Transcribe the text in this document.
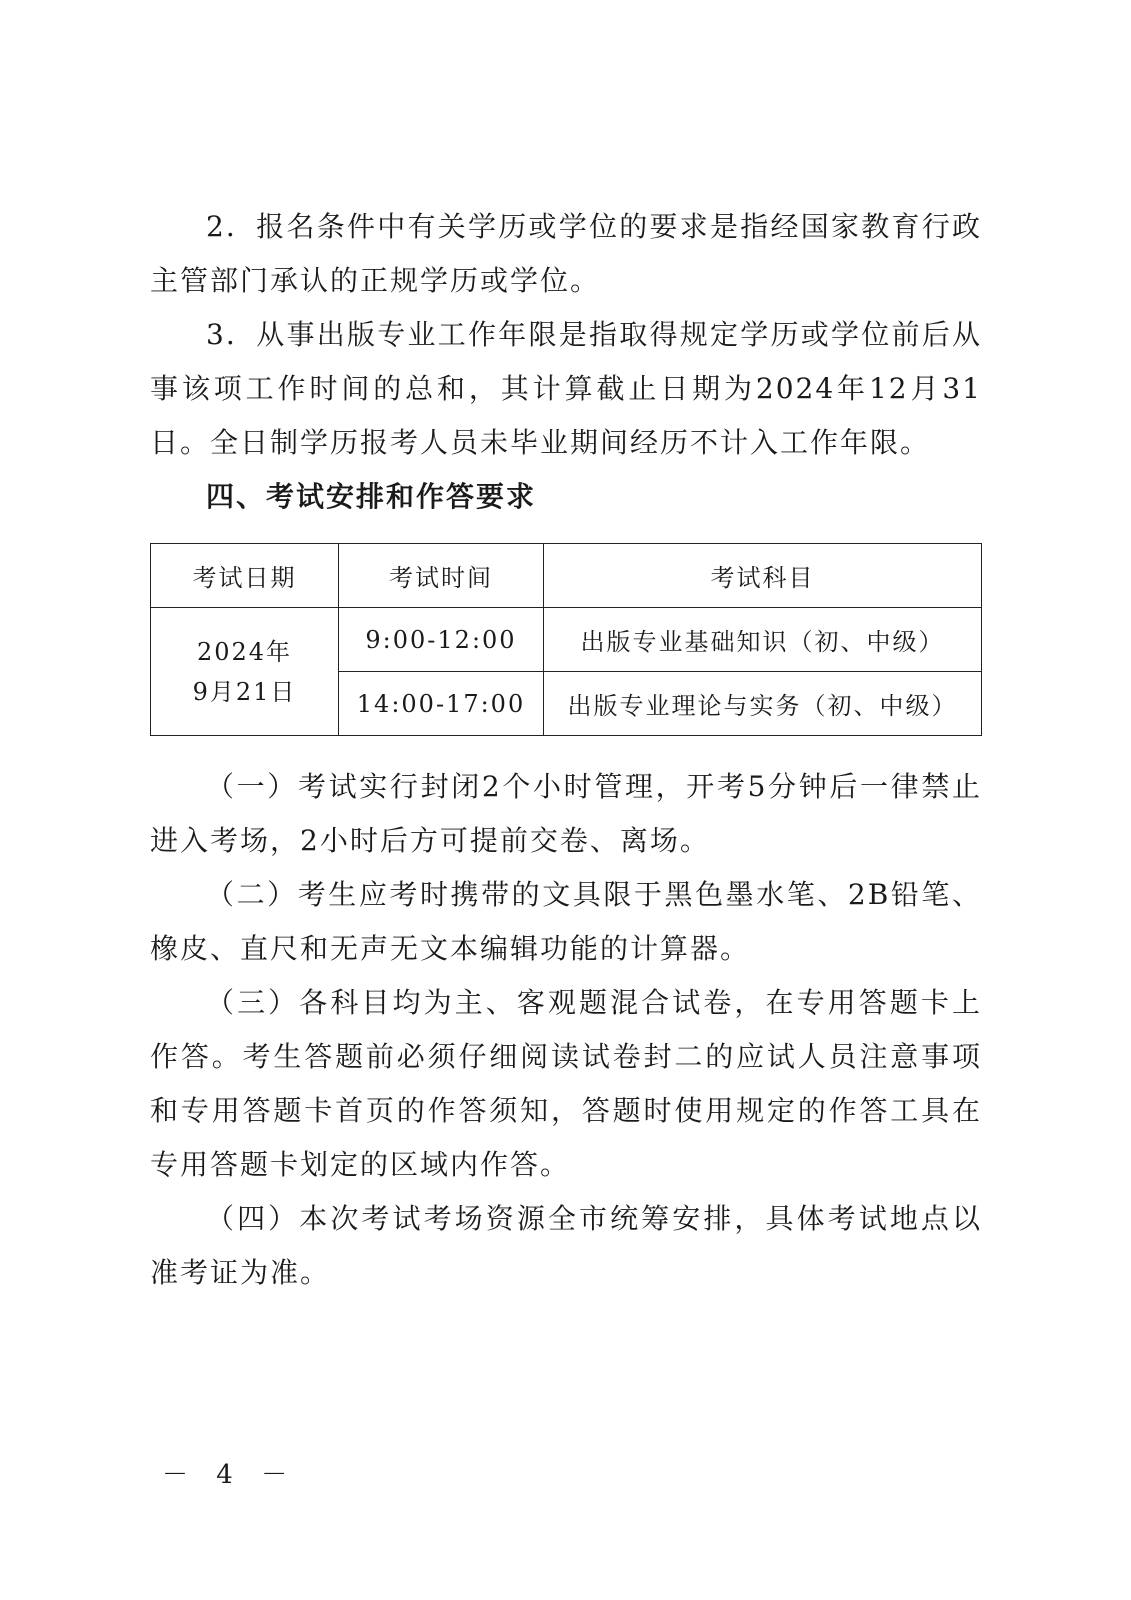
2．报名条件中有关学历或学位的要求是指经国家教育行政主管部门承认的正规学历或学位。

3．从事出版专业工作年限是指取得规定学历或学位前后从事该项工作时间的总和，其计算截止日期为2024年12月31日。全日制学历报考人员未毕业期间经历不计入工作年限。

四、考试安排和作答要求
考试日期	考试时间	考试科目

2024年
9月21日	9:00-12:00	出版专业基础知识（初、中级）
	14:00-17:00	出版专业理论与实务（初、中级）

（一）考试实行封闭2个小时管理，开考5分钟后一律禁止进入考场，2小时后方可提前交卷、离场。

（二）考生应考时携带的文具限于黑色墨水笔、2B铅笔、橡皮、直尺和无声无文本编辑功能的计算器。

（三）各科目均为主、客观题混合试卷，在专用答题卡上作答。考生答题前必须仔细阅读试卷封二的应试人员注意事项和专用答题卡首页的作答须知，答题时使用规定的作答工具在专用答题卡划定的区域内作答。

（四）本次考试考场资源全市统筹安排，具体考试地点以准考证为准。

－ 4 －
